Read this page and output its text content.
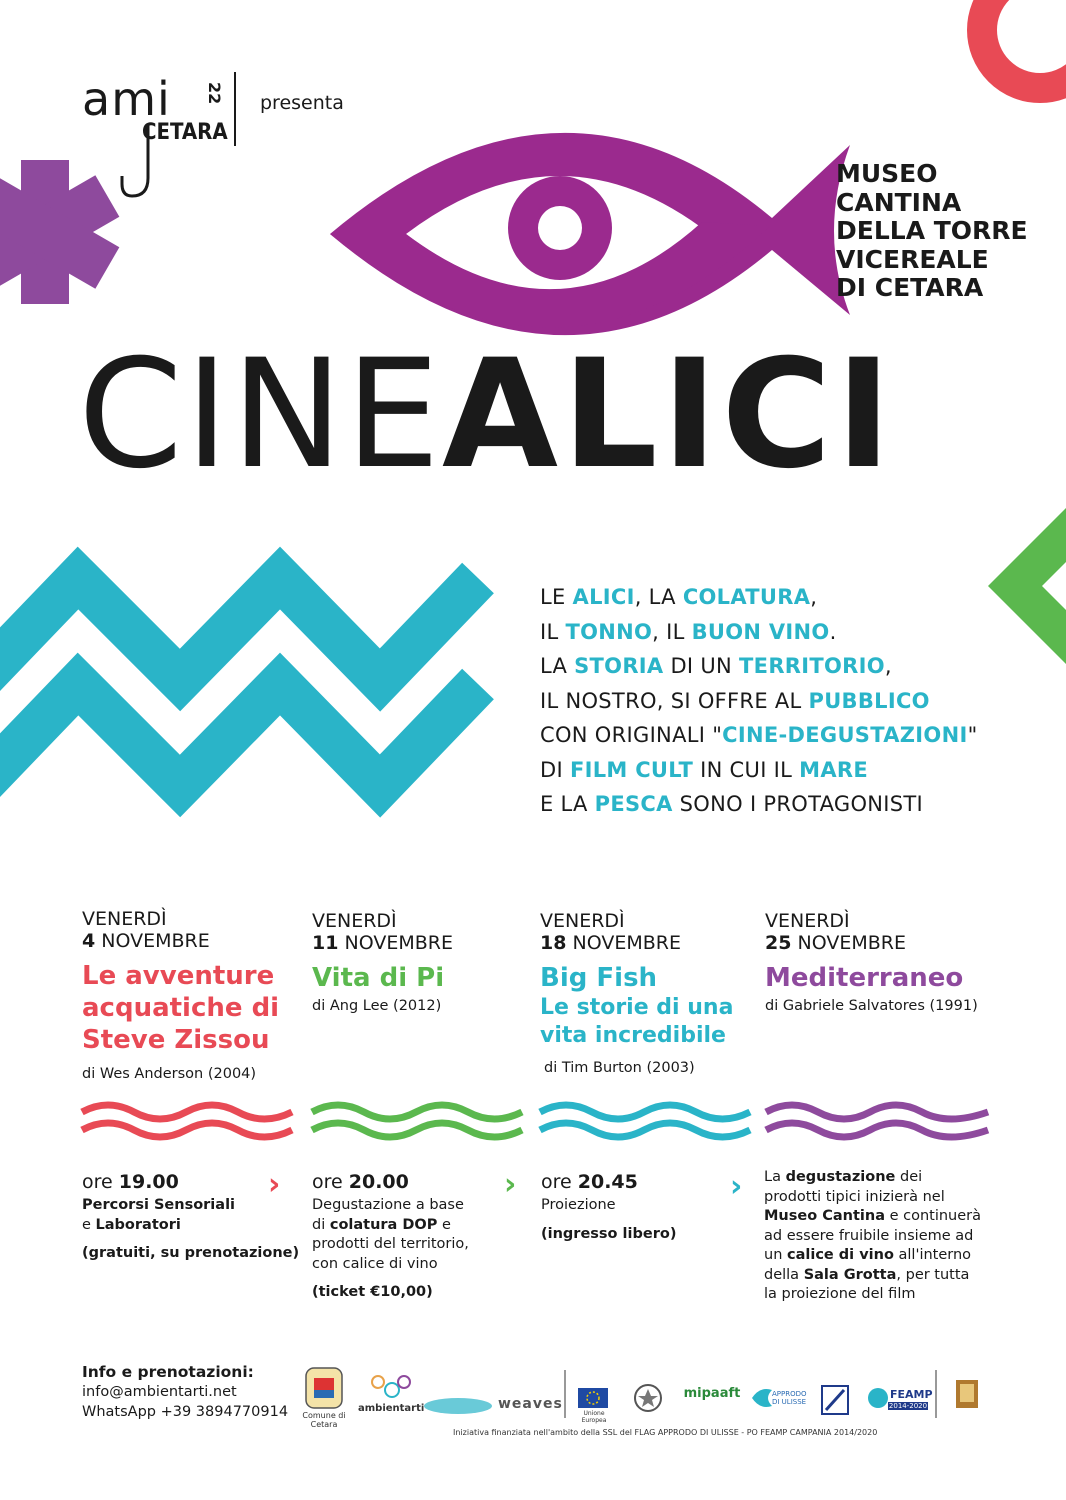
ami 22
CETARA
presenta
MUSEO
CANTINA
DELLA TORRE
VICEREALE
DI CETARA
CINEALICI
LE ALICI, LA COLATURA,
IL TONNO, IL BUON VINO.
LA STORIA DI UN TERRITORIO,
IL NOSTRO, SI OFFRE AL PUBBLICO
CON ORIGINALI "CINE-DEGUSTAZIONI"
DI FILM CULT IN CUI IL MARE
E LA PESCA SONO I PROTAGONISTI
VENERDÌ
4 NOVEMBRE
Le avventure
acquatiche di
Steve Zissou
di Wes Anderson (2004)
VENERDÌ
11 NOVEMBRE
Vita di Pi
di Ang Lee (2012)
VENERDÌ
18 NOVEMBRE
Big Fish
Le storie di una
vita incredibile
di Tim Burton (2003)
VENERDÌ
25 NOVEMBRE
Mediterraneo
di Gabriele Salvatores (1991)
ore 19.00
Percorsi Sensoriali
e Laboratori
(gratuiti, su prenotazione)
› ore 20.00
Degustazione a base
di colatura DOP e
prodotti del territorio,
con calice di vino
(ticket €10,00)
› ore 20.45
Proiezione
(ingresso libero)
› La degustazione dei
prodotti tipici inizierà nel
Museo Cantina e continuerà
ad essere fruibile insieme ad
un calice di vino all'interno
della Sala Grotta, per tutta
la proiezione del film
Info e prenotazioni:
info@ambientarti.net
WhatsApp +39 3894770914	Comune di Cetara
ambientarti	weaves
Unione Europea
mipaaft	APPRODO DI ULISSE
FEAMP
2014-2020
Iniziativa finanziata nell'ambito della SSL del FLAG APPRODO DI ULISSE - PO FEAMP CAMPANIA 2014/2020
